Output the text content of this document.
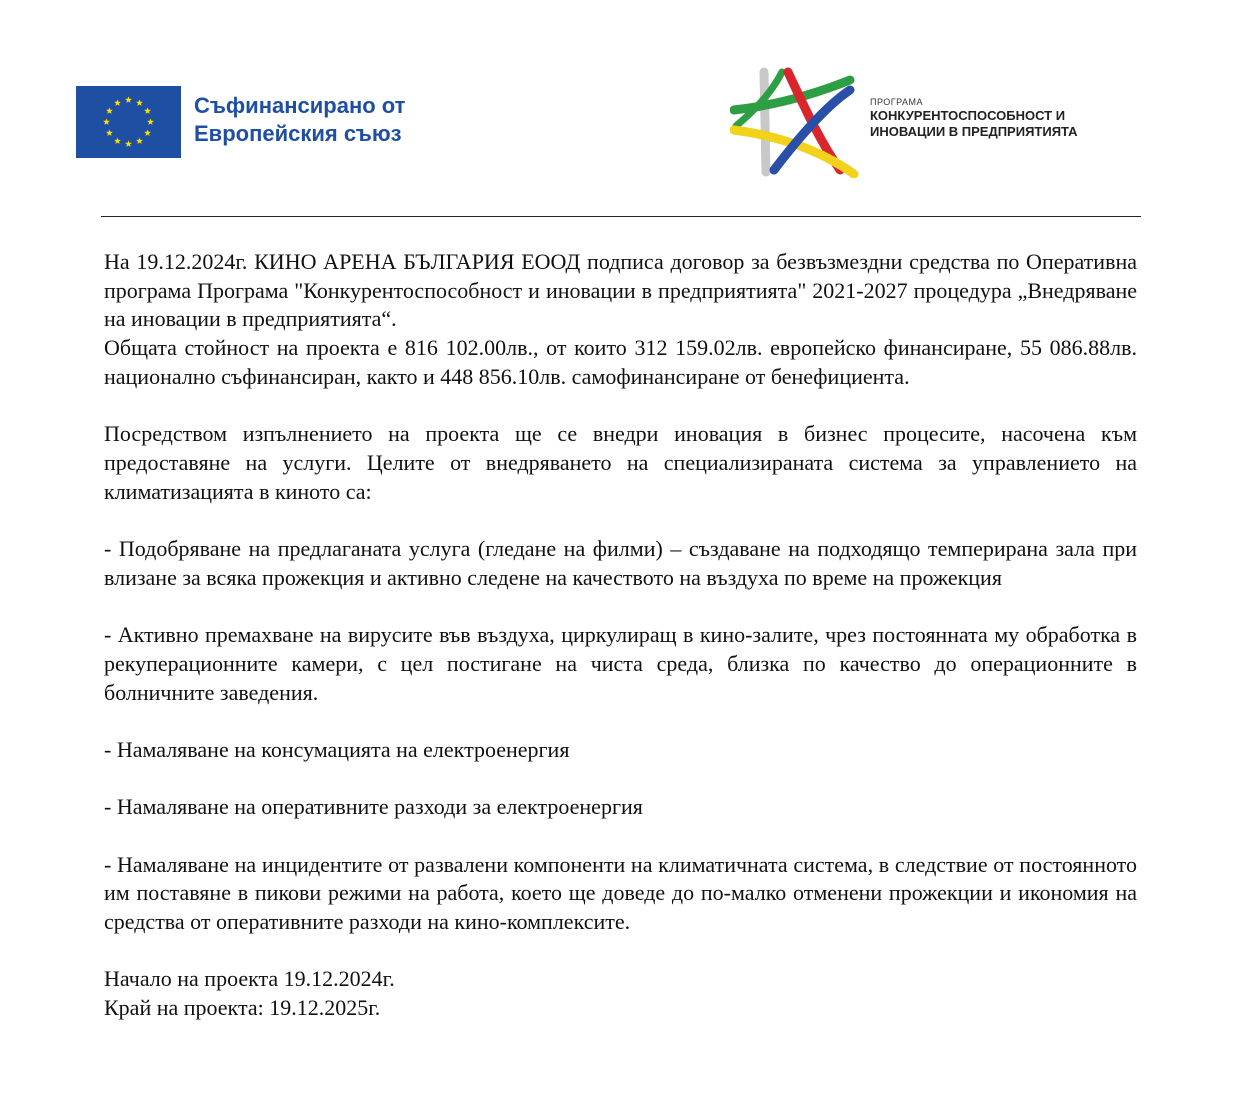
Съфинансирано от
Европейския съюз
ПРОГРАМА
КОНКУРЕНТОСПОСОБНОСТ И
ИНОВАЦИИ В ПРЕДПРИЯТИЯТА

На 19.12.2024г. КИНО АРЕНА БЪЛГАРИЯ ЕООД подписа договор за безвъзмездни средства по Оперативна програма Програма "Конкурентоспособност и иновации в предприятията" 2021-2027 процедура „Внедряване на иновации в предприятията“.

Общата стойност на проекта е 816 102.00лв., от които 312 159.02лв. европейско финансиране, 55 086.88лв. национално съфинансиран, както и 448 856.10лв. самофинансиране от бенефициента.

Посредством изпълнението на проекта ще се внедри иновация в бизнес процесите, насочена към предоставяне на услуги. Целите от внедряването на специализираната система за управлението на климатизацията в киното са:

- Подобряване на предлаганата услуга (гледане на филми) – създаване на подходящо темперирана зала при влизане за всяка прожекция и активно следене на качеството на въздуха по време на прожекция

- Активно премахване на вирусите във въздуха, циркулиращ в кино-залите, чрез постоянната му обработка в рекуперационните камери, с цел постигане на чиста среда, близка по качество до операционните в болничните заведения.

- Намаляване на консумацията на електроенергия

- Намаляване на оперативните разходи за електроенергия

- Намаляване на инцидентите от развалени компоненти на климатичната система, в следствие от постоянното им поставяне в пикови режими на работа, което ще доведе до по-малко отменени прожекции и икономия на средства от оперативните разходи на кино-комплексите.

Начало на проекта 19.12.2024г.

Край на проекта: 19.12.2025г.
